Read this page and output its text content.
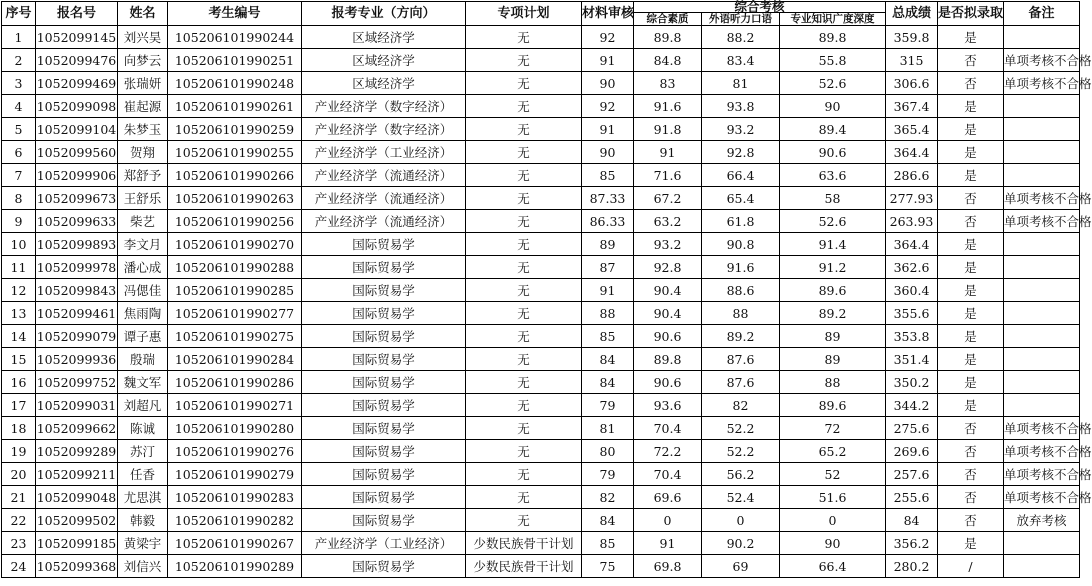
序号	报名号	姓名	考生编号	报考专业（方向）	专项计划	材料审核	综合考核			总成绩	是否拟录取	备注
							综合素质	外语听力口语	专业知识广度深度			
1	1052099145	刘兴昊	105206101990244	区域经济学	无	92	89.8	88.2	89.8	359.8	是	
2	1052099476	向梦云	105206101990251	区域经济学	无	91	84.8	83.4	55.8	315	否	单项考核不合格
3	1052099469	张瑞妍	105206101990248	区域经济学	无	90	83	81	52.6	306.6	否	单项考核不合格
4	1052099098	崔起源	105206101990261	产业经济学（数字经济）	无	92	91.6	93.8	90	367.4	是	
5	1052099104	朱梦玉	105206101990259	产业经济学（数字经济）	无	91	91.8	93.2	89.4	365.4	是	
6	1052099560	贺翔	105206101990255	产业经济学（工业经济）	无	90	91	92.8	90.6	364.4	是	
7	1052099906	郑舒予	105206101990266	产业经济学（流通经济）	无	85	71.6	66.4	63.6	286.6	是	
8	1052099673	王舒乐	105206101990263	产业经济学（流通经济）	无	87.33	67.2	65.4	58	277.93	否	单项考核不合格
9	1052099633	柴艺	105206101990256	产业经济学（流通经济）	无	86.33	63.2	61.8	52.6	263.93	否	单项考核不合格
10	1052099893	李文月	105206101990270	国际贸易学	无	89	93.2	90.8	91.4	364.4	是	
11	1052099978	潘心成	105206101990288	国际贸易学	无	87	92.8	91.6	91.2	362.6	是	
12	1052099843	冯偲佳	105206101990285	国际贸易学	无	91	90.4	88.6	89.6	360.4	是	
13	1052099461	焦雨陶	105206101990277	国际贸易学	无	88	90.4	88	89.2	355.6	是	
14	1052099079	谭子惠	105206101990275	国际贸易学	无	85	90.6	89.2	89	353.8	是	
15	1052099936	殷瑞	105206101990284	国际贸易学	无	84	89.8	87.6	89	351.4	是	
16	1052099752	魏文军	105206101990286	国际贸易学	无	84	90.6	87.6	88	350.2	是	
17	1052099031	刘超凡	105206101990271	国际贸易学	无	79	93.6	82	89.6	344.2	是	
18	1052099662	陈诚	105206101990280	国际贸易学	无	81	70.4	52.2	72	275.6	否	单项考核不合格
19	1052099289	苏汀	105206101990276	国际贸易学	无	80	72.2	52.2	65.2	269.6	否	单项考核不合格
20	1052099211	任香	105206101990279	国际贸易学	无	79	70.4	56.2	52	257.6	否	单项考核不合格
21	1052099048	尤思淇	105206101990283	国际贸易学	无	82	69.6	52.4	51.6	255.6	否	单项考核不合格
22	1052099502	韩毅	105206101990282	国际贸易学	无	84	0	0	0	84	否	放弃考核
23	1052099185	黄梁宇	105206101990267	产业经济学（工业经济）	少数民族骨干计划	85	91	90.2	90	356.2	是	
24	1052099368	刘信兴	105206101990289	国际贸易学	少数民族骨干计划	75	69.8	69	66.4	280.2	/	
